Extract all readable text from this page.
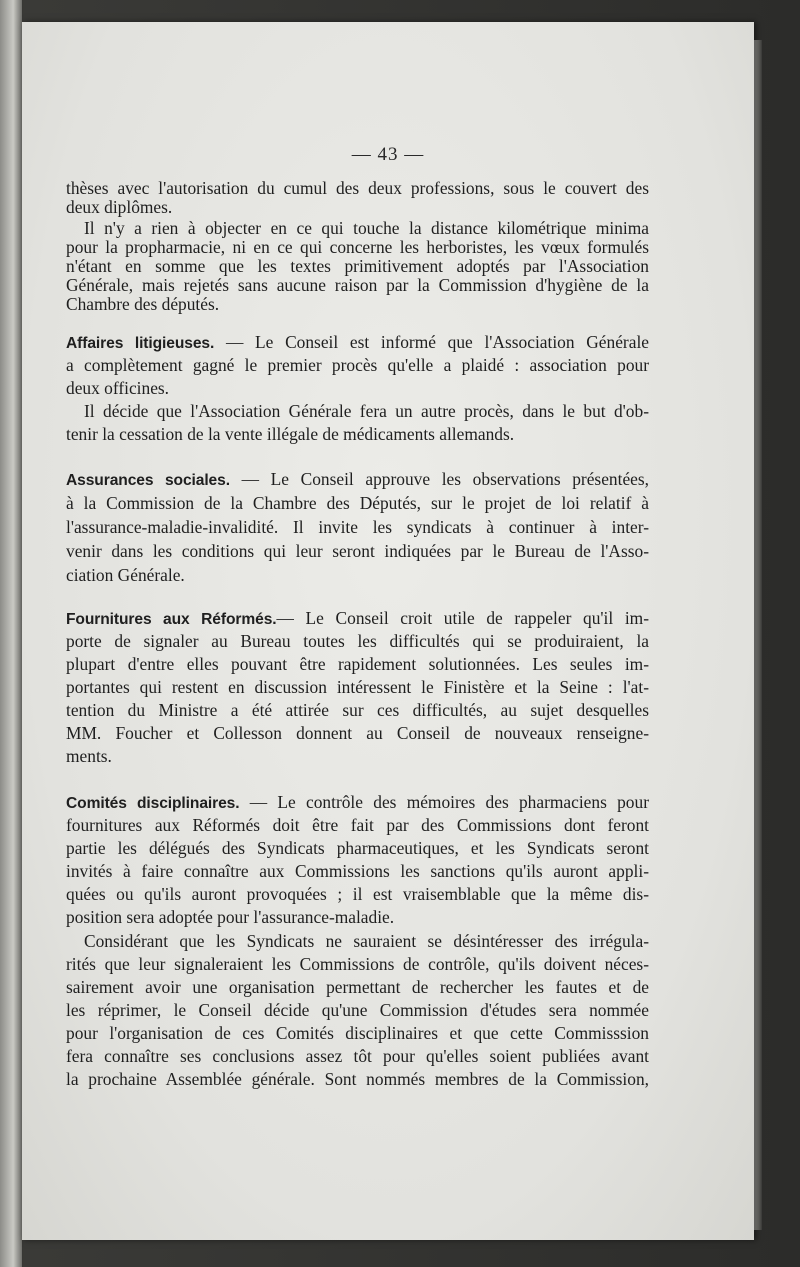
— 43 —
thèses avec l'autorisation du cumul des deux professions, sous le couvert des
deux diplômes.
Il n'y a rien à objecter en ce qui touche la distance kilométrique minima
pour la propharmacie, ni en ce qui concerne les herboristes, les vœux formulés
n'étant en somme que les textes primitivement adoptés par l'Association
Générale, mais rejetés sans aucune raison par la Commission d'hygiène de la
Chambre des députés.
Affaires litigieuses. — Le Conseil est informé que l'Association Générale
a complètement gagné le premier procès qu'elle a plaidé : association pour
deux officines.
Il décide que l'Association Générale fera un autre procès, dans le but d'ob-
tenir la cessation de la vente illégale de médicaments allemands.
Assurances sociales. — Le Conseil approuve les observations présentées,
à la Commission de la Chambre des Députés, sur le projet de loi relatif à
l'assurance-maladie-invalidité. Il invite les syndicats à continuer à inter-
venir dans les conditions qui leur seront indiquées par le Bureau de l'Asso-
ciation Générale.
Fournitures aux Réformés.— Le Conseil croit utile de rappeler qu'il im-
porte de signaler au Bureau toutes les difficultés qui se produiraient, la
plupart d'entre elles pouvant être rapidement solutionnées. Les seules im-
portantes qui restent en discussion intéressent le Finistère et la Seine : l'at-
tention du Ministre a été attirée sur ces difficultés, au sujet desquelles
MM. Foucher et Collesson donnent au Conseil de nouveaux renseigne-
ments.
Comités disciplinaires. — Le contrôle des mémoires des pharmaciens pour
fournitures aux Réformés doit être fait par des Commissions dont feront
partie les délégués des Syndicats pharmaceutiques, et les Syndicats seront
invités à faire connaître aux Commissions les sanctions qu'ils auront appli-
quées ou qu'ils auront provoquées ; il est vraisemblable que la même dis-
position sera adoptée pour l'assurance-maladie.
Considérant que les Syndicats ne sauraient se désintéresser des irrégula-
rités que leur signaleraient les Commissions de contrôle, qu'ils doivent néces-
sairement avoir une organisation permettant de rechercher les fautes et de
les réprimer, le Conseil décide qu'une Commission d'études sera nommée
pour l'organisation de ces Comités disciplinaires et que cette Commisssion
fera connaître ses conclusions assez tôt pour qu'elles soient publiées avant
la prochaine Assemblée générale. Sont nommés membres de la Commission,
